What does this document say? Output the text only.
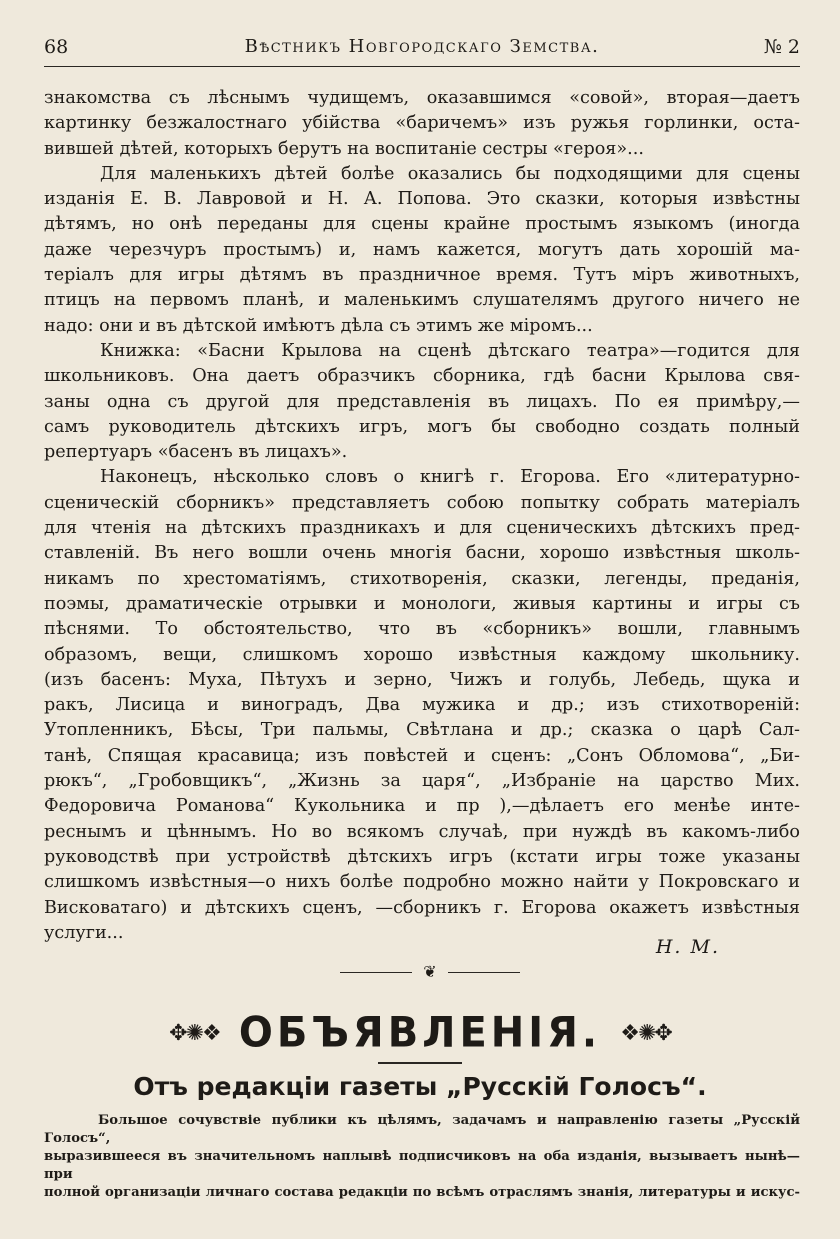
68	Вѣстникъ Новгородскаго Земства.	№ 2

знакомства съ лѣснымъ чудищемъ, оказавшимся «совой», вторая—даетъ

картинку безжалостнаго убійства «баричемъ» изъ ружья горлинки, оста-

вившей дѣтей, которыхъ берутъ на воспитаніе сестры «героя»...

Для маленькихъ дѣтей болѣе оказались бы подходящими для сцены

изданія Е. В. Лавровой и Н. А. Попова. Это сказки, которыя извѣстны

дѣтямъ, но онѣ переданы для сцены крайне простымъ языкомъ (иногда

даже черезчуръ простымъ) и, намъ кажется, могутъ дать хорошій ма-

теріалъ для игры дѣтямъ въ праздничное время. Тутъ міръ животныхъ,

птицъ на первомъ планѣ, и маленькимъ слушателямъ другого ничего не

надо: они и въ дѣтской имѣютъ дѣла съ этимъ же міромъ...

Книжка: «Басни Крылова на сценѣ дѣтскаго театра»—годится для

школьниковъ. Она даетъ образчикъ сборника, гдѣ басни Крылова свя-

заны одна съ другой для представленія въ лицахъ. По ея примѣру,—

самъ руководитель дѣтскихъ игръ, могъ бы свободно создать полный

репертуаръ «басенъ въ лицахъ».

Наконецъ, нѣсколько словъ о книгѣ г. Егорова. Его «литературно-

сценическій сборникъ» представляетъ собою попытку собрать матеріалъ

для чтенія на дѣтскихъ праздникахъ и для сценическихъ дѣтскихъ пред-

ставленій. Въ него вошли очень многія басни, хорошо извѣстныя школь-

никамъ по хрестоматіямъ, стихотворенія, сказки, легенды, преданія,

поэмы, драматическіе отрывки и монологи, живыя картины и игры съ

пѣснями. То обстоятельство, что въ «сборникъ» вошли, главнымъ

образомъ, вещи, слишкомъ хорошо извѣстныя каждому школьнику.

(изъ басенъ: Муха, Пѣтухъ и зерно, Чижъ и голубь, Лебедь, щука и

ракъ, Лисица и виноградъ, Два мужика и др.; изъ стихотвореній:

Утопленникъ, Бѣсы, Три пальмы, Свѣтлана и др.; сказка о царѣ Сал-

танѣ, Спящая красавица; изъ повѣстей и сценъ: „Сонъ Обломова“, „Би-

рюкъ“, „Гробовщикъ“, „Жизнь за царя“, „Избраніе на царство Мих.

Федоровича Романова“ Кукольника и пр ),—дѣлаетъ его менѣе инте-

реснымъ и цѣннымъ. Но во всякомъ случаѣ, при нуждѣ въ какомъ-либо

руководствѣ при устройствѣ дѣтскихъ игръ (кстати игры тоже указаны

слишкомъ извѣстныя—о нихъ болѣе подробно можно найти у Покровскаго и

Висковатаго) и дѣтскихъ сценъ, —сборникъ г. Егорова окажетъ извѣстныя

услуги...

Н. М.
❦
✥✺❖ ОБЪЯВЛЕНІЯ. ❖✺✥
Отъ редакціи газеты „Русскій Голосъ“.

Большое сочувствіе публики къ цѣлямъ, задачамъ и направленію газеты „Русскій Голосъ“,

выразившееся въ значительномъ наплывѣ подписчиковъ на оба изданія, вызываетъ нынѣ—при

полной организаціи личнаго состава редакціи по всѣмъ отраслямъ знанія, литературы и искус-
